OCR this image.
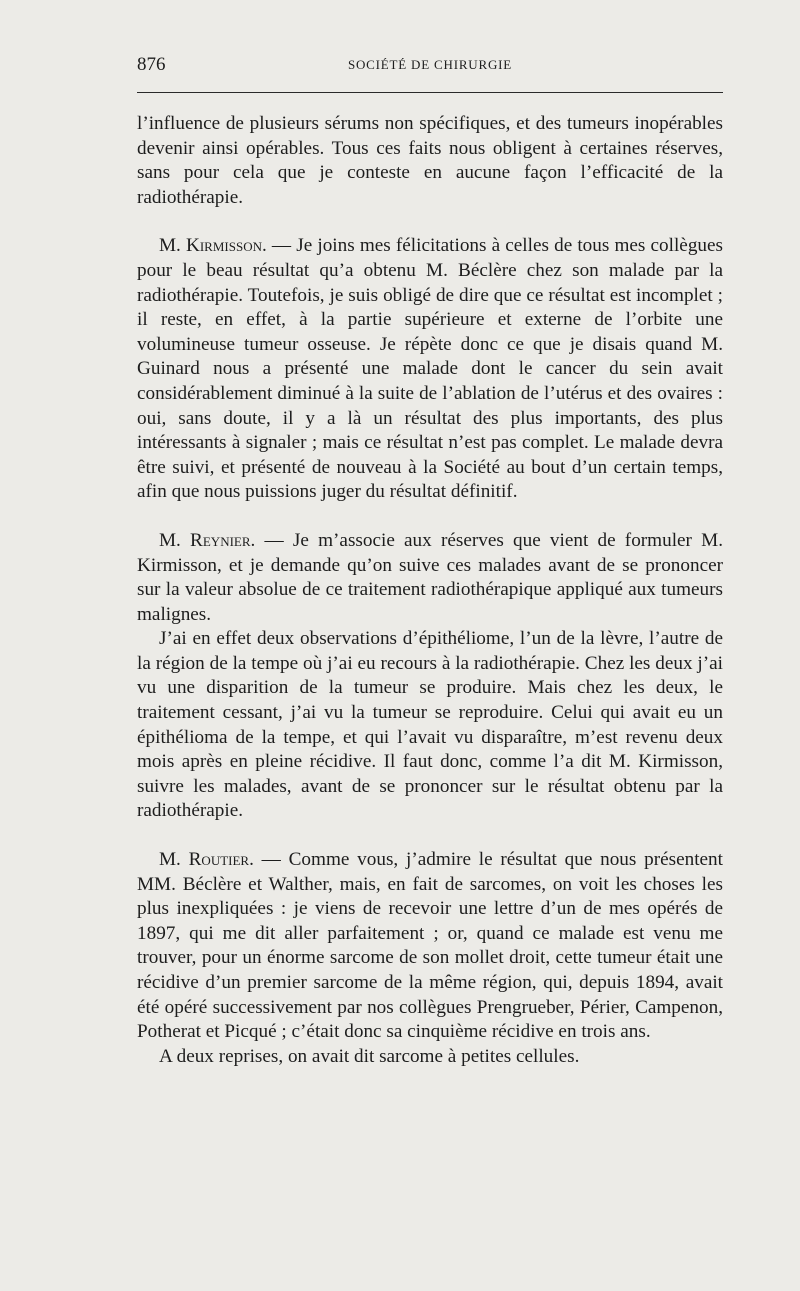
876	SOCIÉTÉ DE CHIRURGIE

l’influence de plusieurs sérums non spécifiques, et des tumeurs inopérables devenir ainsi opérables. Tous ces faits nous obligent à certaines réserves, sans pour cela que je conteste en aucune façon l’efficacité de la radiothérapie.

M. Kirmisson. — Je joins mes félicitations à celles de tous mes collègues pour le beau résultat qu’a obtenu M. Béclère chez son malade par la radiothérapie. Toutefois, je suis obligé de dire que ce résultat est incomplet ; il reste, en effet, à la partie supérieure et externe de l’orbite une volumineuse tumeur osseuse. Je répète donc ce que je disais quand M. Guinard nous a présenté une malade dont le cancer du sein avait considérablement diminué à la suite de l’ablation de l’utérus et des ovaires : oui, sans doute, il y a là un résultat des plus importants, des plus intéressants à signaler ; mais ce résultat n’est pas complet. Le malade devra être suivi, et présenté de nouveau à la Société au bout d’un certain temps, afin que nous puissions juger du résultat définitif.

M. Reynier. — Je m’associe aux réserves que vient de formuler M. Kirmisson, et je demande qu’on suive ces malades avant de se prononcer sur la valeur absolue de ce traitement radiothérapique appliqué aux tumeurs malignes.

J’ai en effet deux observations d’épithéliome, l’un de la lèvre, l’autre de la région de la tempe où j’ai eu recours à la radiothérapie. Chez les deux j’ai vu une disparition de la tumeur se produire. Mais chez les deux, le traitement cessant, j’ai vu la tumeur se reproduire. Celui qui avait eu un épithélioma de la tempe, et qui l’avait vu disparaître, m’est revenu deux mois après en pleine récidive. Il faut donc, comme l’a dit M. Kirmisson, suivre les malades, avant de se prononcer sur le résultat obtenu par la radiothérapie.

M. Routier. — Comme vous, j’admire le résultat que nous présentent MM. Béclère et Walther, mais, en fait de sarcomes, on voit les choses les plus inexpliquées : je viens de recevoir une lettre d’un de mes opérés de 1897, qui me dit aller parfaitement ; or, quand ce malade est venu me trouver, pour un énorme sarcome de son mollet droit, cette tumeur était une récidive d’un premier sarcome de la même région, qui, depuis 1894, avait été opéré successivement par nos collègues Prengrueber, Périer, Campenon, Potherat et Picqué ; c’était donc sa cinquième récidive en trois ans.

A deux reprises, on avait dit sarcome à petites cellules.
